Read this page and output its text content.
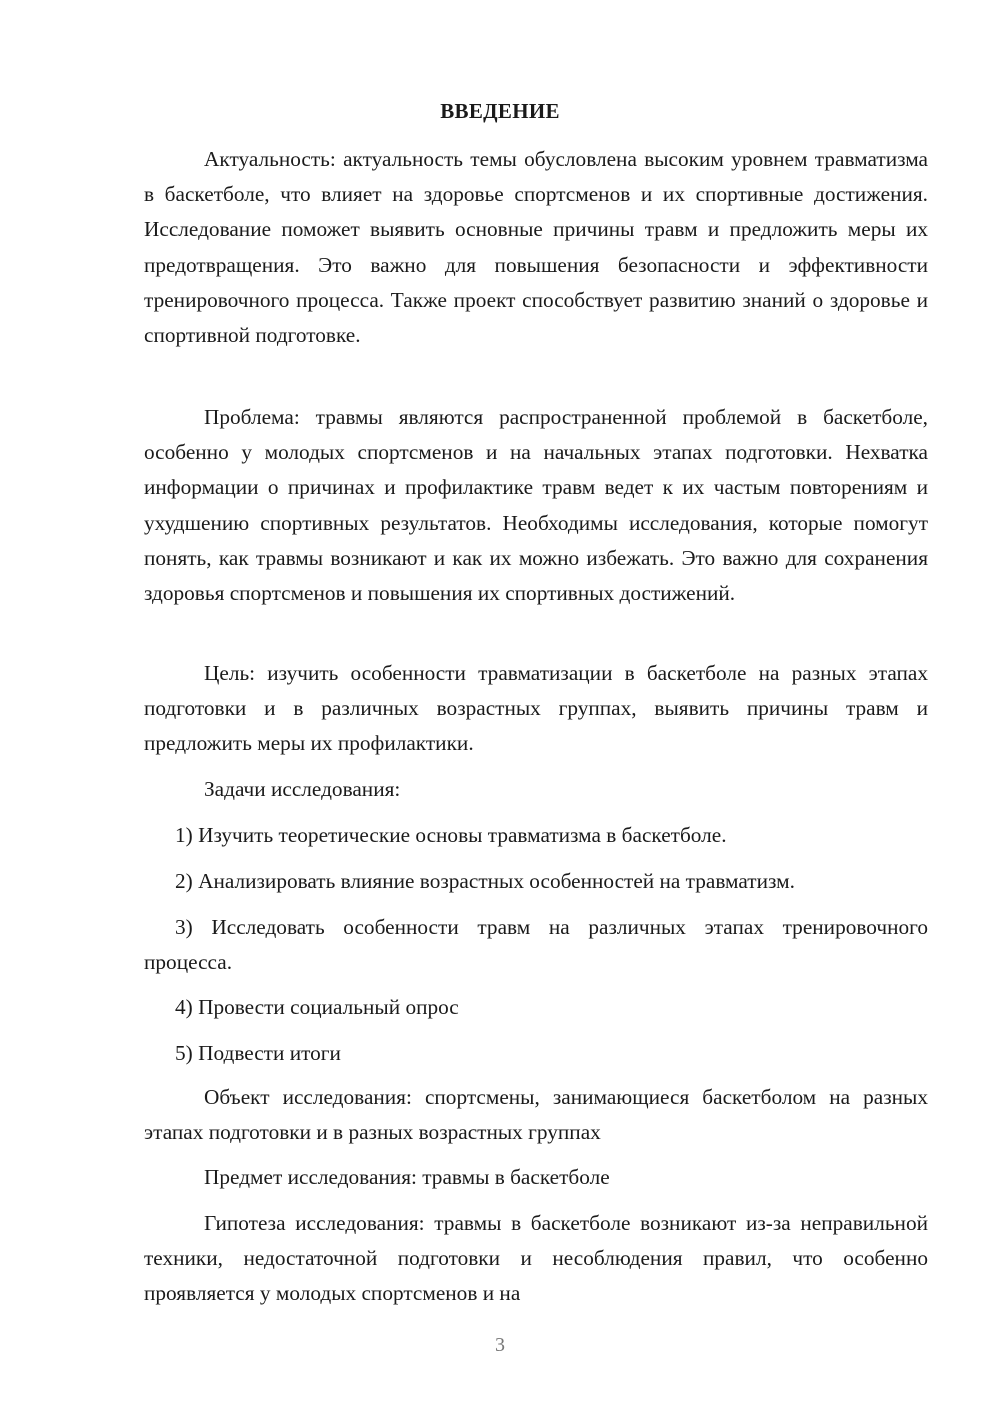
ВВЕДЕНИЕ

Актуальность: актуальность темы обусловлена высоким уровнем травматизма в баскетболе, что влияет на здоровье спортсменов и их спортивные достижения. Исследование поможет выявить основные причины травм и предложить меры их предотвращения. Это важно для повышения безопасности и эффективности тренировочного процесса. Также проект способствует развитию знаний о здоровье и спортивной подготовке.

Проблема: травмы являются распространенной проблемой в баскетболе, особенно у молодых спортсменов и на начальных этапах подготовки. Нехватка информации о причинах и профилактике травм ведет к их частым повторениям и ухудшению спортивных результатов. Необходимы исследования, которые помогут понять, как травмы возникают и как их можно избежать. Это важно для сохранения здоровья спортсменов и повышения их спортивных достижений.

Цель: изучить особенности травматизации в баскетболе на разных этапах подготовки и в различных возрастных группах, выявить причины травм и предложить меры их профилактики.

Задачи исследования:

1) Изучить теоретические основы травматизма в баскетболе.

2) Анализировать влияние возрастных особенностей на травматизм.

3) Исследовать особенности травм на различных этапах тренировочного процесса.

4) Провести социальный опрос

5) Подвести итоги

Объект исследования: спортсмены, занимающиеся баскетболом на разных этапах подготовки и в разных возрастных группах

Предмет исследования: травмы в баскетболе

Гипотеза исследования: травмы в баскетболе возникают из-за неправильной техники, недостаточной подготовки и несоблюдения правил, что особенно проявляется у молодых спортсменов и на

3
